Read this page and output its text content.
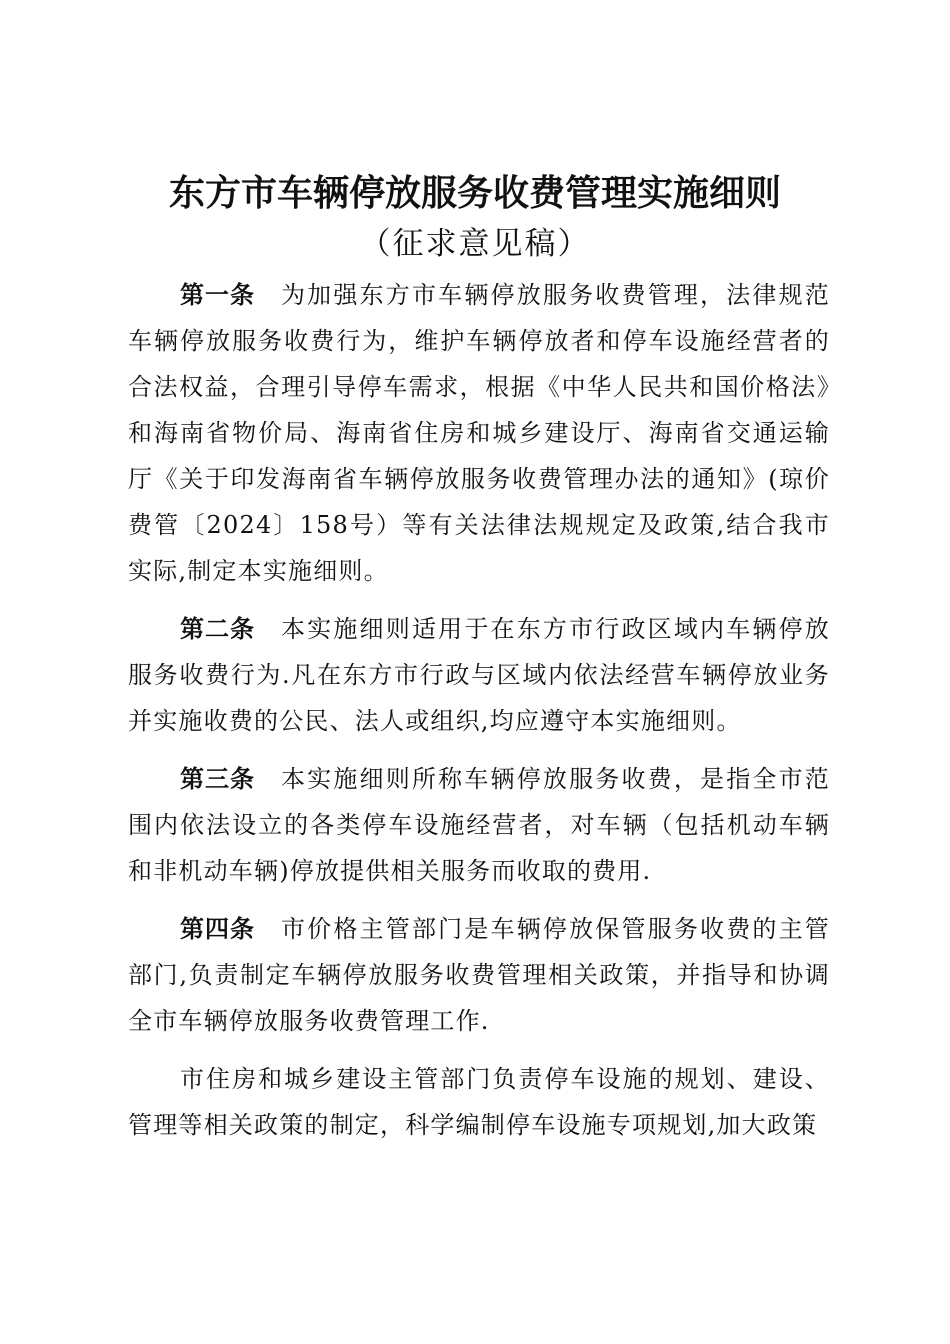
东方市车辆停放服务收费管理实施细则
（征求意见稿）

第一条 为加强东方市车辆停放服务收费管理，法律规范车辆停放服务收费行为，维护车辆停放者和停车设施经营者的合法权益，合理引导停车需求，根据《中华人民共和国价格法》和海南省物价局、海南省住房和城乡建设厅、海南省交通运输厅《关于印发海南省车辆停放服务收费管理办法的通知》(琼价费管〔2024〕158号）等有关法律法规规定及政策,结合我市实际,制定本实施细则。

第二条 本实施细则适用于在东方市行政区域内车辆停放服务收费行为.凡在东方市行政与区域内依法经营车辆停放业务并实施收费的公民、法人或组织,均应遵守本实施细则。

第三条 本实施细则所称车辆停放服务收费，是指全市范围内依法设立的各类停车设施经营者，对车辆（包括机动车辆和非机动车辆)停放提供相关服务而收取的费用.

第四条 市价格主管部门是车辆停放保管服务收费的主管部门,负责制定车辆停放服务收费管理相关政策，并指导和协调全市车辆停放服务收费管理工作.

市住房和城乡建设主管部门负责停车设施的规划、建设、管理等相关政策的制定，科学编制停车设施专项规划,加大政策
